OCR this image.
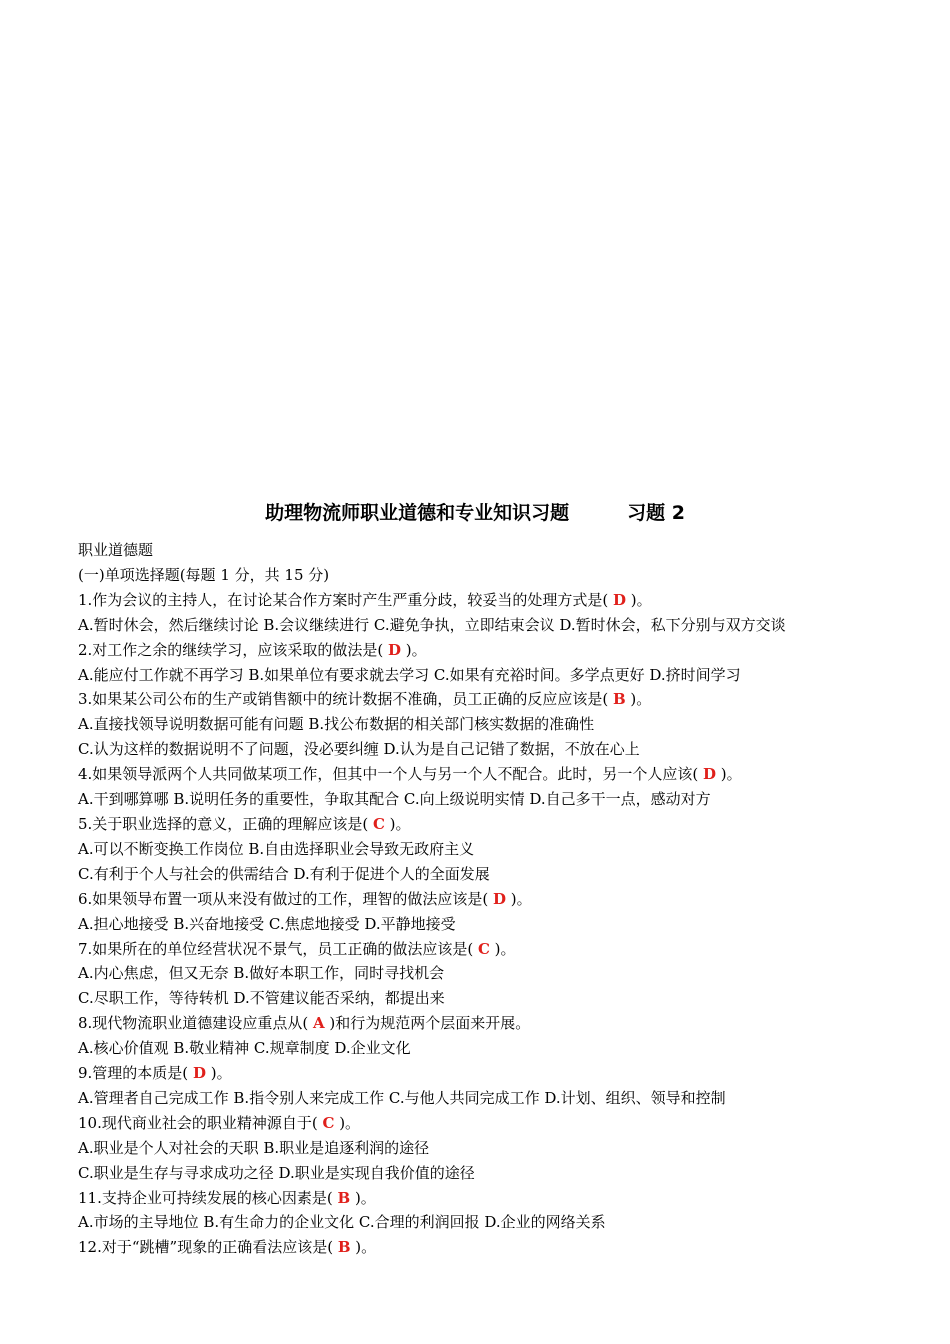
助理物流师职业道德和专业知识习题	习题 2
职业道德题
(一)单项选择题(每题 1 分，共 15 分)
1.作为会议的主持人，在讨论某合作方案时产生严重分歧，较妥当的处理方式是( D )。
A.暂时休会，然后继续讨论 B.会议继续进行 C.避免争执，立即结束会议 D.暂时休会，私下分别与双方交谈
2.对工作之余的继续学习，应该采取的做法是( D )。
A.能应付工作就不再学习 B.如果单位有要求就去学习 C.如果有充裕时间。多学点更好 D.挤时间学习
3.如果某公司公布的生产或销售额中的统计数据不准确，员工正确的反应应该是( B )。
A.直接找领导说明数据可能有问题 B.找公布数据的相关部门核实数据的准确性
C.认为这样的数据说明不了问题，没必要纠缠 D.认为是自己记错了数据，不放在心上
4.如果领导派两个人共同做某项工作，但其中一个人与另一个人不配合。此时，另一个人应该( D )。
A.干到哪算哪 B.说明任务的重要性，争取其配合 C.向上级说明实情 D.自己多干一点，感动对方
5.关于职业选择的意义，正确的理解应该是( C )。
A.可以不断变换工作岗位 B.自由选择职业会导致无政府主义
C.有利于个人与社会的供需结合 D.有利于促进个人的全面发展
6.如果领导布置一项从来没有做过的工作，理智的做法应该是( D )。
A.担心地接受 B.兴奋地接受 C.焦虑地接受 D.平静地接受
7.如果所在的单位经营状况不景气，员工正确的做法应该是( C )。
A.内心焦虑，但又无奈 B.做好本职工作，同时寻找机会
C.尽职工作，等待转机 D.不管建议能否采纳，都提出来
8.现代物流职业道德建设应重点从( A )和行为规范两个层面来开展。
A.核心价值观 B.敬业精神 C.规章制度 D.企业文化
9.管理的本质是( D )。
A.管理者自己完成工作 B.指令别人来完成工作 C.与他人共同完成工作 D.计划、组织、领导和控制
10.现代商业社会的职业精神源自于( C )。
A.职业是个人对社会的天职 B.职业是追逐利润的途径
C.职业是生存与寻求成功之径 D.职业是实现自我价值的途径
11.支持企业可持续发展的核心因素是( B )。
A.市场的主导地位 B.有生命力的企业文化 C.合理的利润回报 D.企业的网络关系
12.对于“跳槽”现象的正确看法应该是( B )。
